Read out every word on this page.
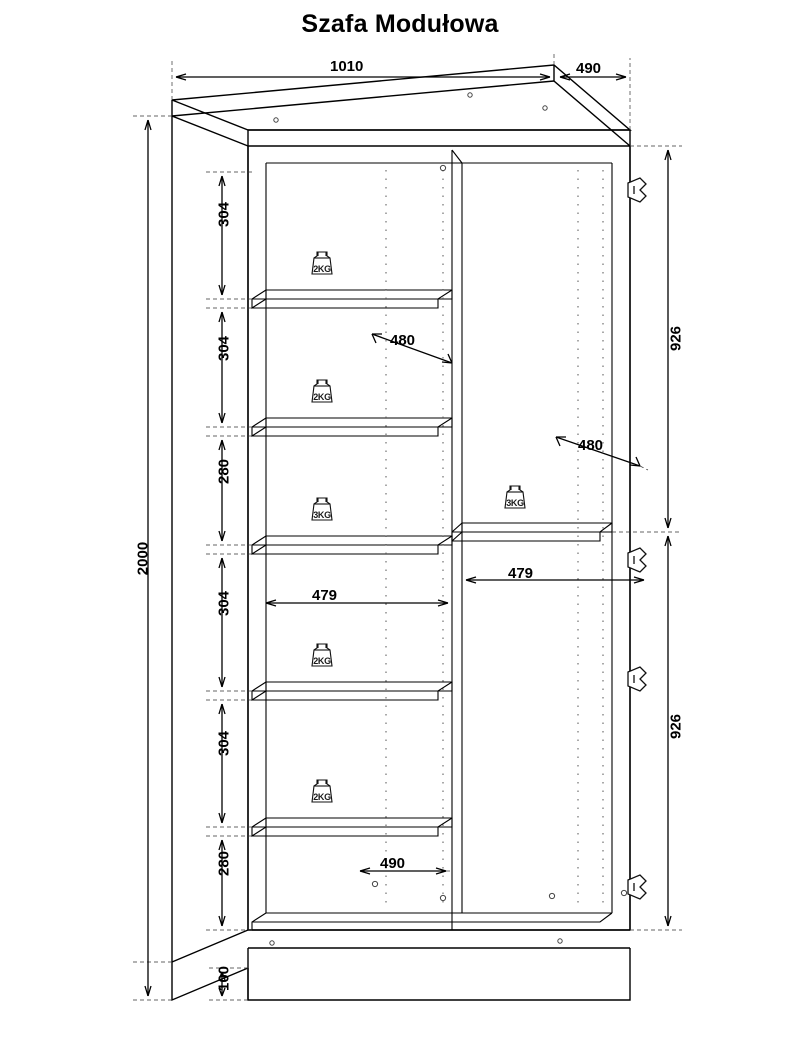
Szafa Modułowa
1010	490
2000
926
926
304
304
280
304
304
280
100
480
480
479
479
490
2KG
2KG
3KG
3KG
2KG
2KG
